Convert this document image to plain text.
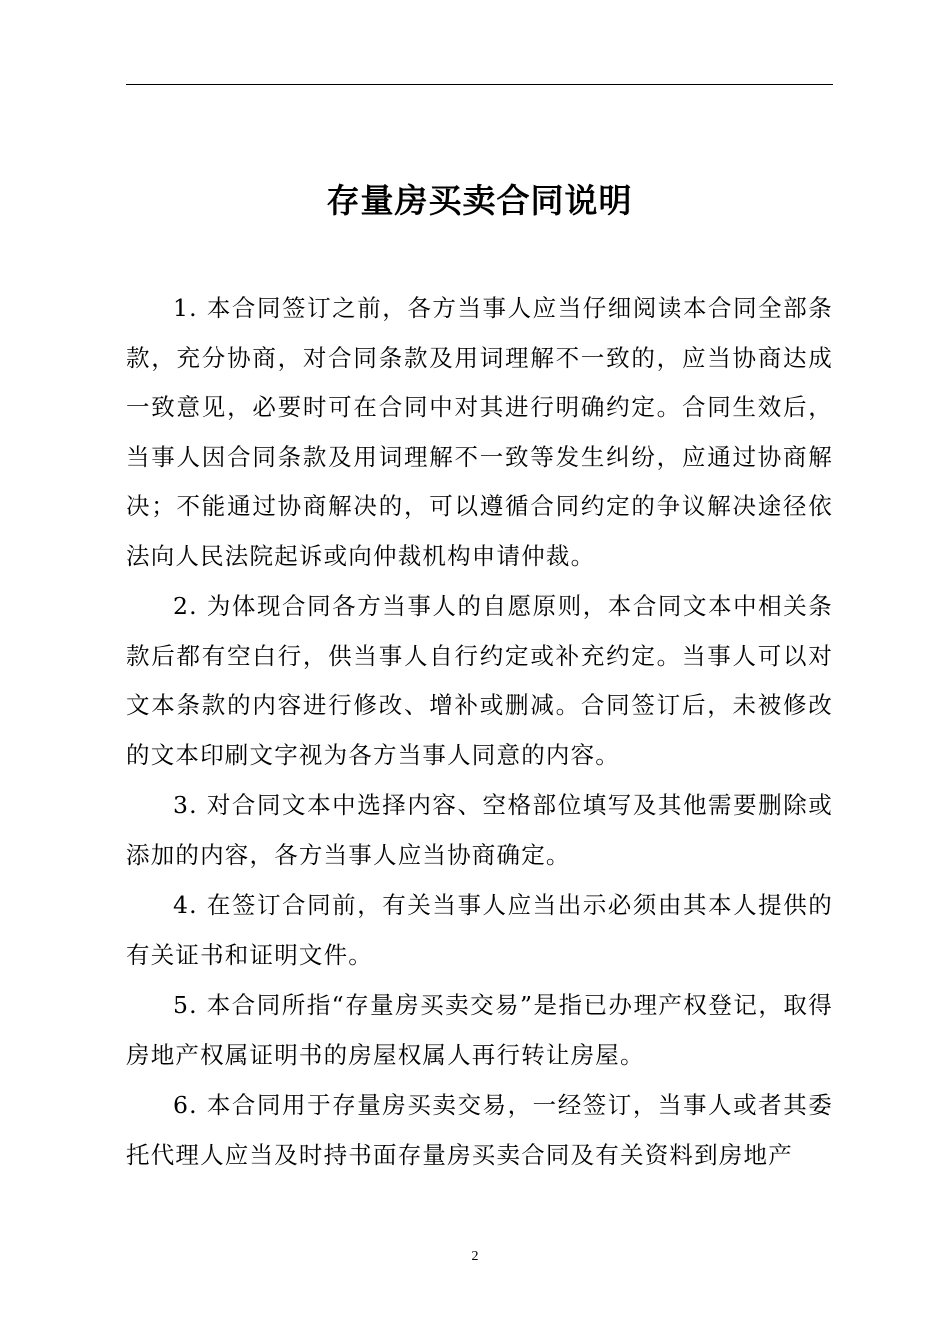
存量房买卖合同说明

1. 本合同签订之前，各方当事人应当仔细阅读本合同全部条款，充分协商，对合同条款及用词理解不一致的，应当协商达成一致意见，必要时可在合同中对其进行明确约定。合同生效后，当事人因合同条款及用词理解不一致等发生纠纷，应通过协商解决；不能通过协商解决的，可以遵循合同约定的争议解决途径依法向人民法院起诉或向仲裁机构申请仲裁。

2. 为体现合同各方当事人的自愿原则，本合同文本中相关条款后都有空白行，供当事人自行约定或补充约定。当事人可以对文本条款的内容进行修改、增补或删减。合同签订后，未被修改的文本印刷文字视为各方当事人同意的内容。

3. 对合同文本中选择内容、空格部位填写及其他需要删除或添加的内容，各方当事人应当协商确定。

4. 在签订合同前，有关当事人应当出示必须由其本人提供的有关证书和证明文件。

5. 本合同所指“存量房买卖交易”是指已办理产权登记，取得房地产权属证明书的房屋权属人再行转让房屋。

6. 本合同用于存量房买卖交易，一经签订，当事人或者其委托代理人应当及时持书面存量房买卖合同及有关资料到房地产

2
